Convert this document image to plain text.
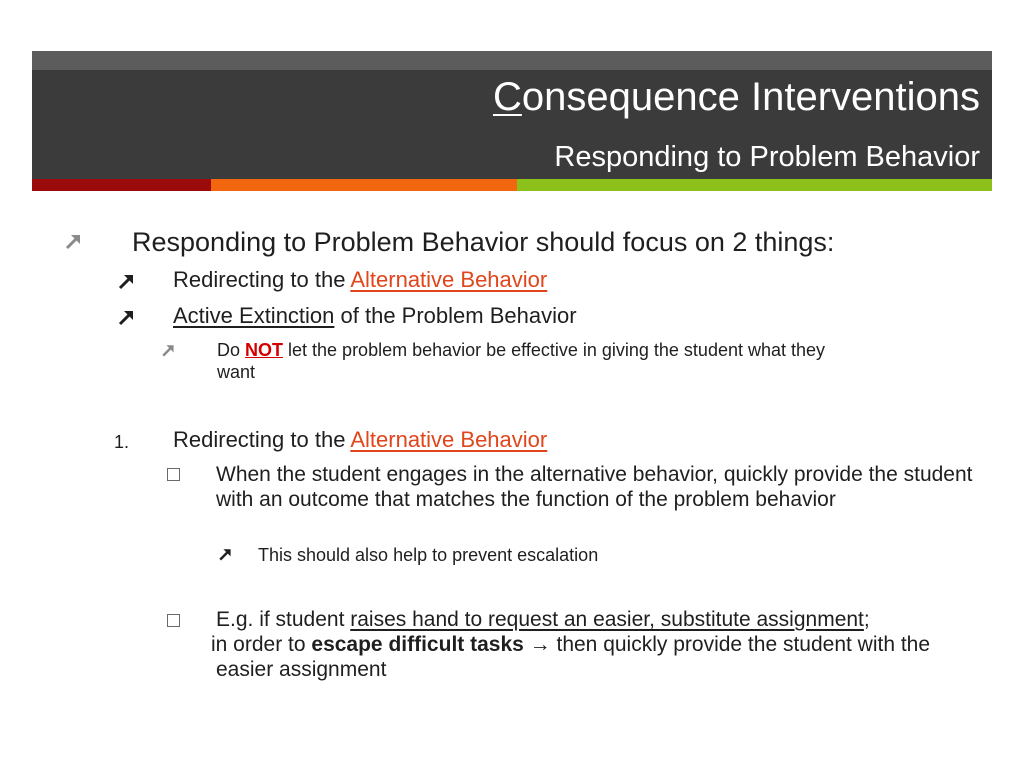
Consequence Interventions
Responding to Problem Behavior
Responding to Problem Behavior should focus on 2 things:
Redirecting to the Alternative Behavior
Active Extinction of the Problem Behavior
Do NOT let the problem behavior be effective in giving the student what they
want
1. Redirecting to the Alternative Behavior
When the student engages in the alternative behavior, quickly provide the student with an outcome that matches the function of the problem behavior
This should also help to prevent escalation
E.g. if student raises hand to request an easier, substitute assignment;
in order to escape difficult tasks → then quickly provide the student with the easier assignment
